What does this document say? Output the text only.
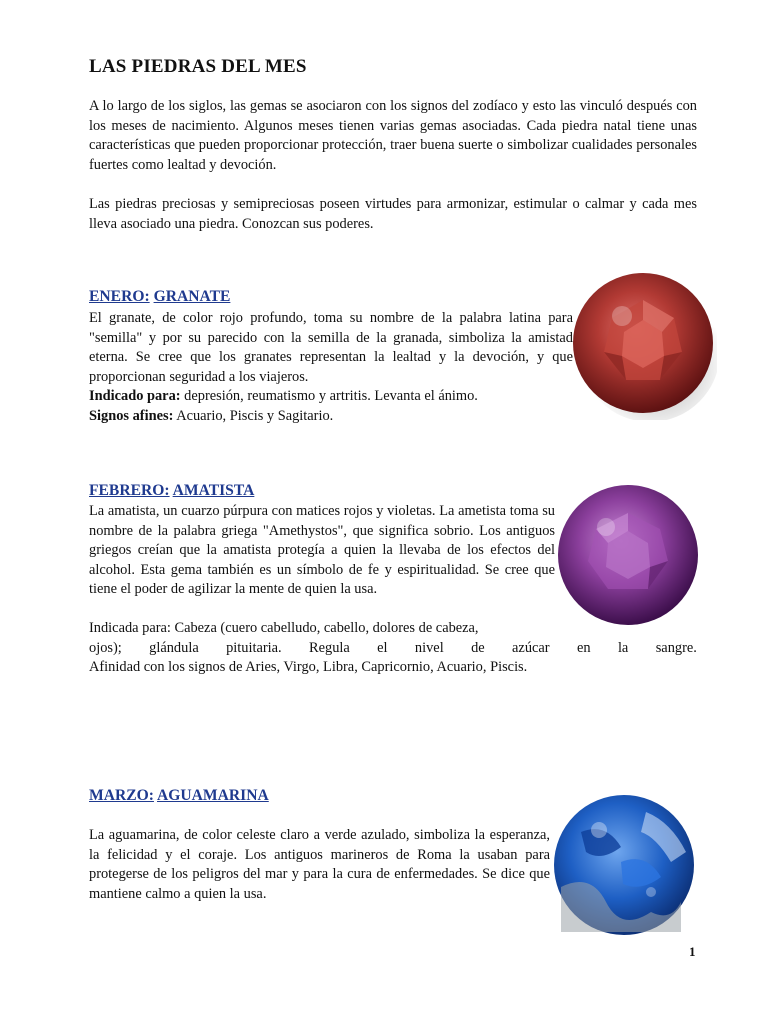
LAS PIEDRAS DEL MES

A lo largo de los siglos, las gemas se asociaron con los signos del zodíaco y esto las vinculó después con los meses de nacimiento. Algunos meses tienen varias gemas asociadas. Cada piedra natal tiene unas características que pueden proporcionar protección, traer buena suerte o simbolizar cualidades personales fuertes como lealtad y devoción.

Las piedras preciosas y semipreciosas poseen virtudes para armonizar, estimular o calmar y cada mes lleva asociado una piedra. Conozcan sus poderes.

ENERO: GRANATE

El granate, de color rojo profundo, toma su nombre de la palabra latina para "semilla" y por su parecido con la semilla de la granada, simboliza la amistad eterna. Se cree que los granates representan la lealtad y la devoción, y que proporcionan seguridad a los viajeros.

Indicado para: depresión, reumatismo y artritis. Levanta el ánimo.

Signos afines: Acuario, Piscis y Sagitario.

FEBRERO: AMATISTA

La amatista, un cuarzo púrpura con matices rojos y violetas. La ametista toma su nombre de la palabra griega "Amethystos", que significa sobrio. Los antiguos griegos creían que la amatista protegía a quien la llevaba de los efectos del alcohol. Esta gema también es un símbolo de fe y espiritualidad. Se cree que tiene el poder de agilizar la mente de quien la usa.

Indicada para: Cabeza (cuero cabelludo, cabello, dolores de cabeza,

ojos); glándula pituitaria. Regula el nivel de azúcar en la sangre.

Afinidad con los signos de Aries, Virgo, Libra, Capricornio, Acuario, Piscis.

MARZO: AGUAMARINA

La aguamarina, de color celeste claro a verde azulado, simboliza la esperanza, la felicidad y el coraje. Los antiguos marineros de Roma la usaban para protegerse de los peligros del mar y para la cura de enfermedades. Se dice que mantiene calmo a quien la usa.

1
